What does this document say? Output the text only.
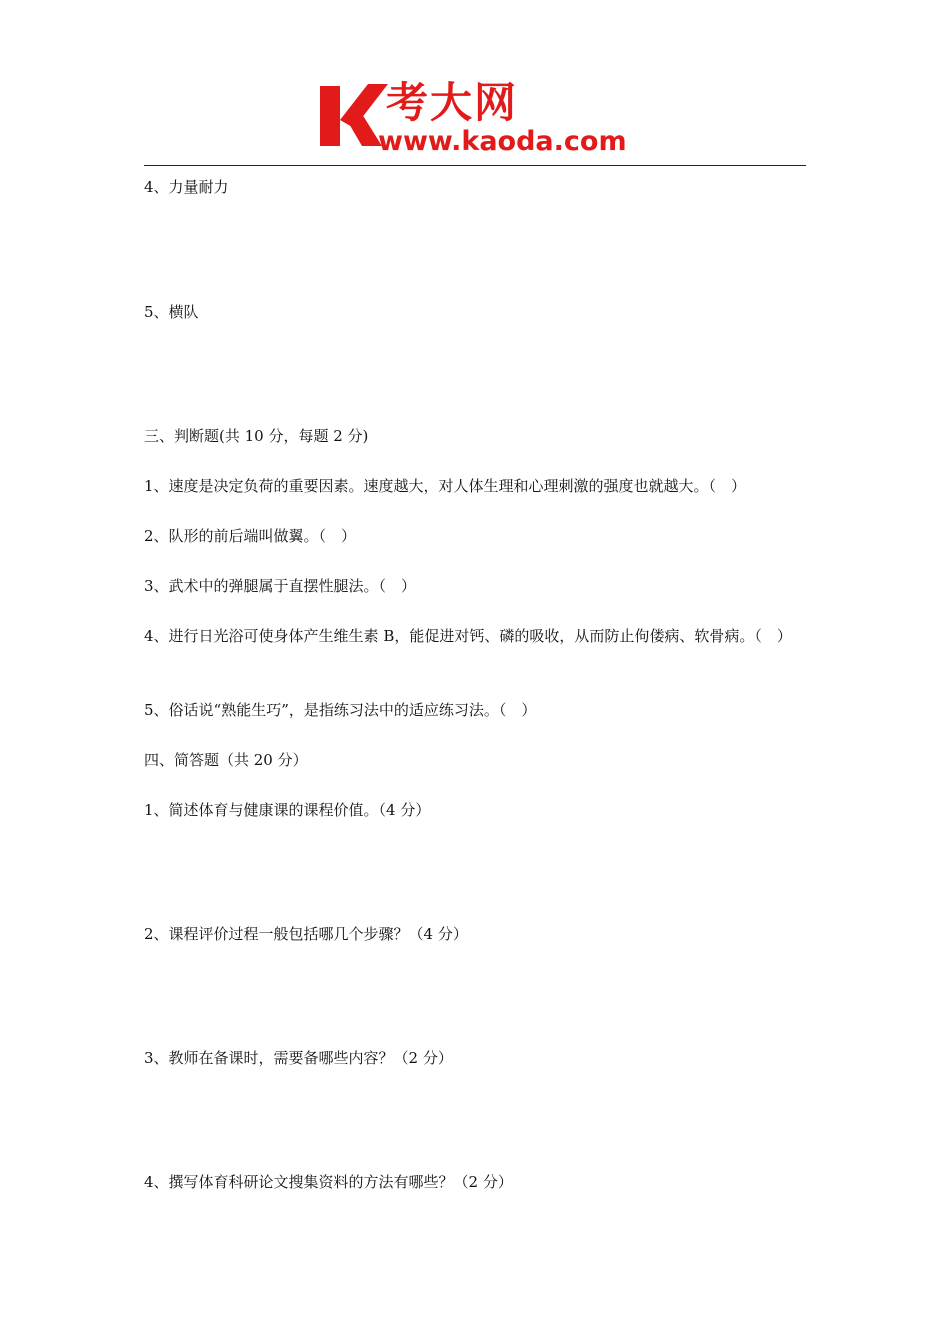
考大网
www.kaoda.com
4、力量耐力
5、横队
三、判断题(共 10 分，每题 2 分)
1、速度是决定负荷的重要因素。速度越大，对人体生理和心理刺激的强度也就越大。（　）
2、队形的前后端叫做翼。（　）
3、武术中的弹腿属于直摆性腿法。（　）
4、进行日光浴可使身体产生维生素 B，能促进对钙、磷的吸收，从而防止佝偻病、软骨病。（　）
5、俗话说“熟能生巧”，是指练习法中的适应练习法。（　）
四、简答题（共 20 分）
1、简述体育与健康课的课程价值。（4 分）
2、课程评价过程一般包括哪几个步骤？（4 分）
3、教师在备课时，需要备哪些内容？（2 分）
4、撰写体育科研论文搜集资料的方法有哪些？（2 分）
